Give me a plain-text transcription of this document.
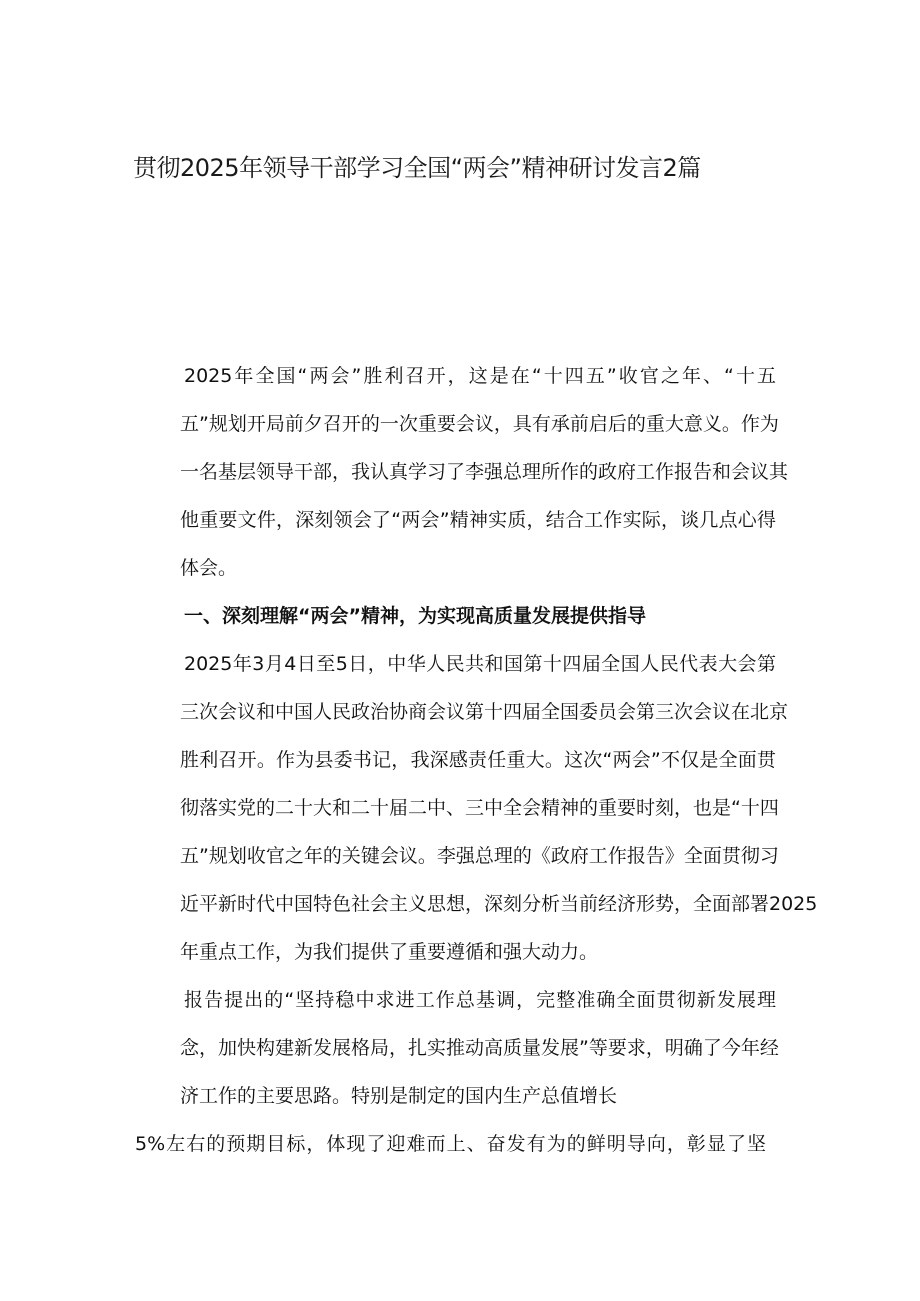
贯彻2025年领导干部学习全国“两会”精神研讨发言2篇
2025年全国“两会”胜利召开，这是在“十四五”收官之年、“十五
五”规划开局前夕召开的一次重要会议，具有承前启后的重大意义。作为
一名基层领导干部，我认真学习了李强总理所作的政府工作报告和会议其
他重要文件，深刻领会了“两会”精神实质，结合工作实际，谈几点心得
体会。
一、深刻理解“两会”精神，为实现高质量发展提供指导
2025年3月4日至5日，中华人民共和国第十四届全国人民代表大会第
三次会议和中国人民政治协商会议第十四届全国委员会第三次会议在北京
胜利召开。作为县委书记，我深感责任重大。这次“两会”不仅是全面贯
彻落实党的二十大和二十届二中、三中全会精神的重要时刻，也是“十四
五”规划收官之年的关键会议。李强总理的《政府工作报告》全面贯彻习
近平新时代中国特色社会主义思想，深刻分析当前经济形势，全面部署2025
年重点工作，为我们提供了重要遵循和强大动力。
报告提出的“坚持稳中求进工作总基调，完整准确全面贯彻新发展理
念，加快构建新发展格局，扎实推动高质量发展”等要求，明确了今年经
济工作的主要思路。特别是制定的国内生产总值增长
5%左右的预期目标，体现了迎难而上、奋发有为的鲜明导向，彰显了坚
